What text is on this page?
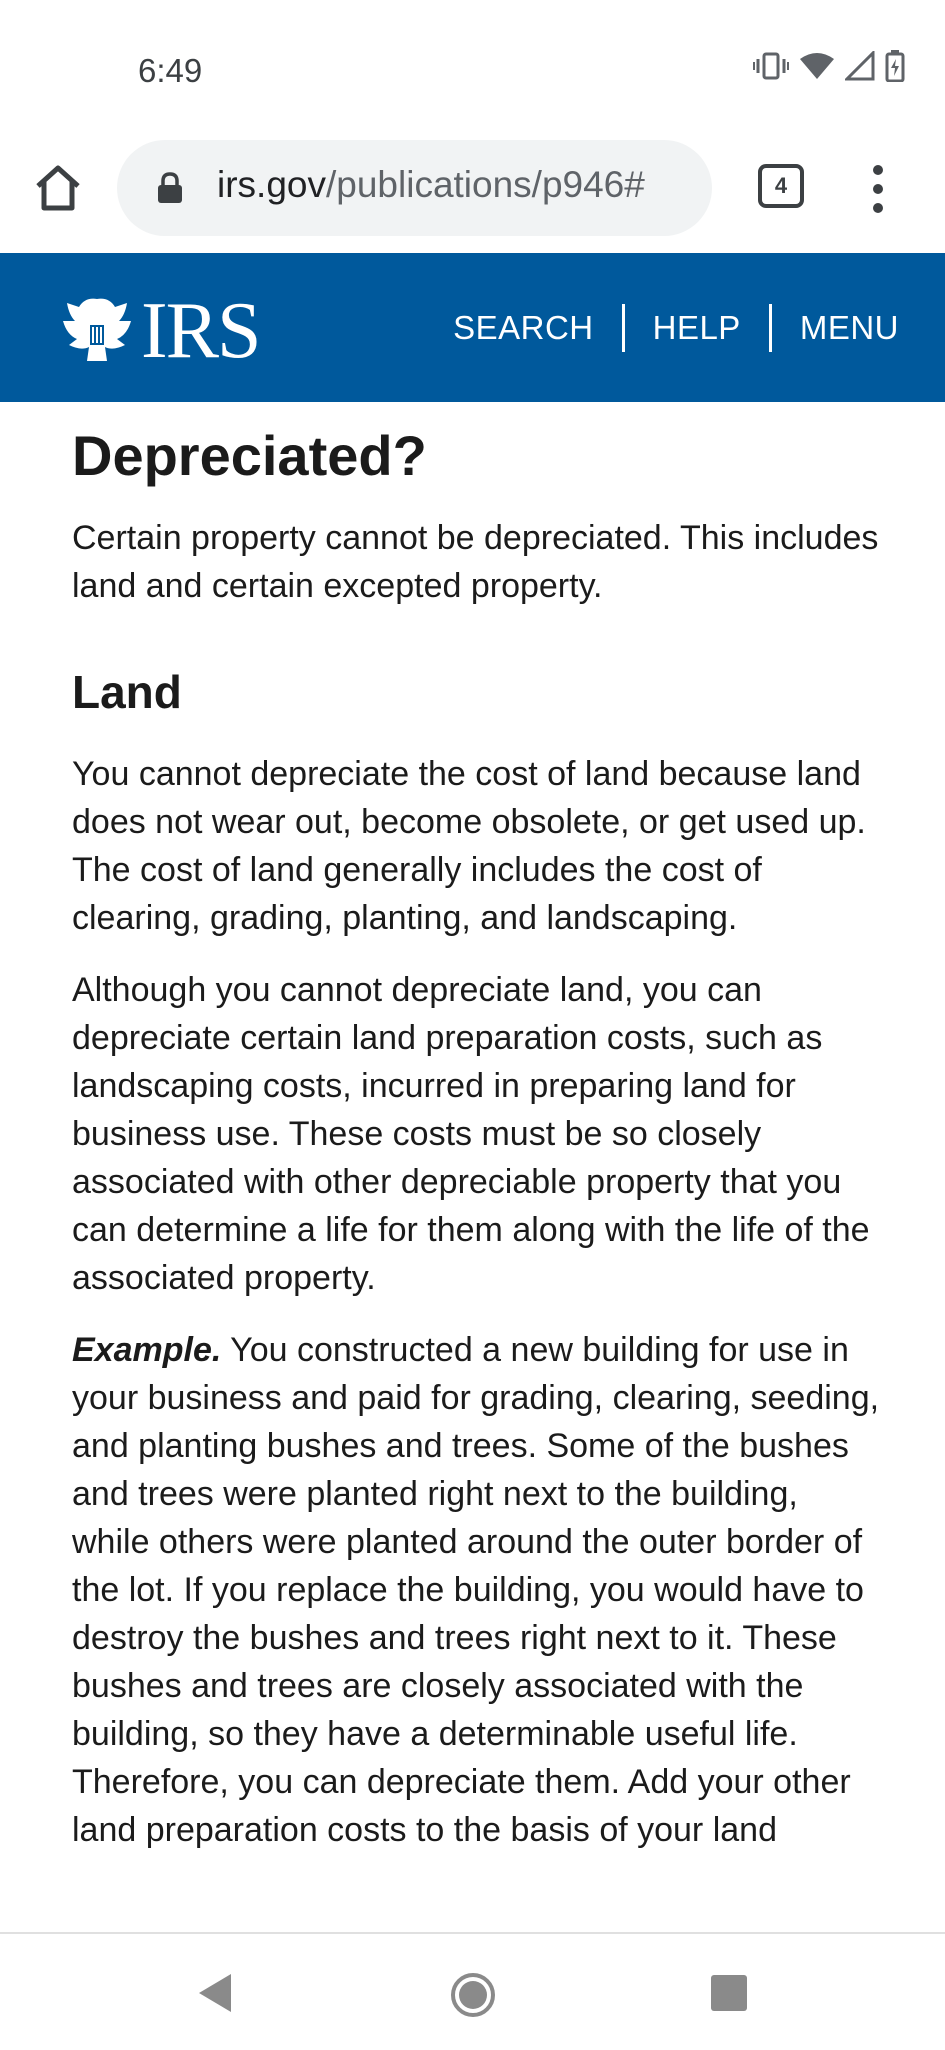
6:49
irs.gov/publications/p946#	4
IRS	SEARCH HELP MENU
Depreciated?

Certain property cannot be depreciated. This includes land and certain excepted property.

Land

You cannot depreciate the cost of land because land does not wear out, become obsolete, or get used up. The cost of land generally includes the cost of clearing, grading, planting, and landscaping.

Although you cannot depreciate land, you can depreciate certain land preparation costs, such as landscaping costs, incurred in preparing land for business use. These costs must be so closely associated with other depreciable property that you can determine a life for them along with the life of the associated property.

Example. You constructed a new building for use in your business and paid for grading, clearing, seeding, and planting bushes and trees. Some of the bushes and trees were planted right next to the building, while others were planted around the outer border of the lot. If you replace the building, you would have to destroy the bushes and trees right next to it. These bushes and trees are closely associated with the building, so they have a determinable useful life. Therefore, you can depreciate them. Add your other land preparation costs to the basis of your land
